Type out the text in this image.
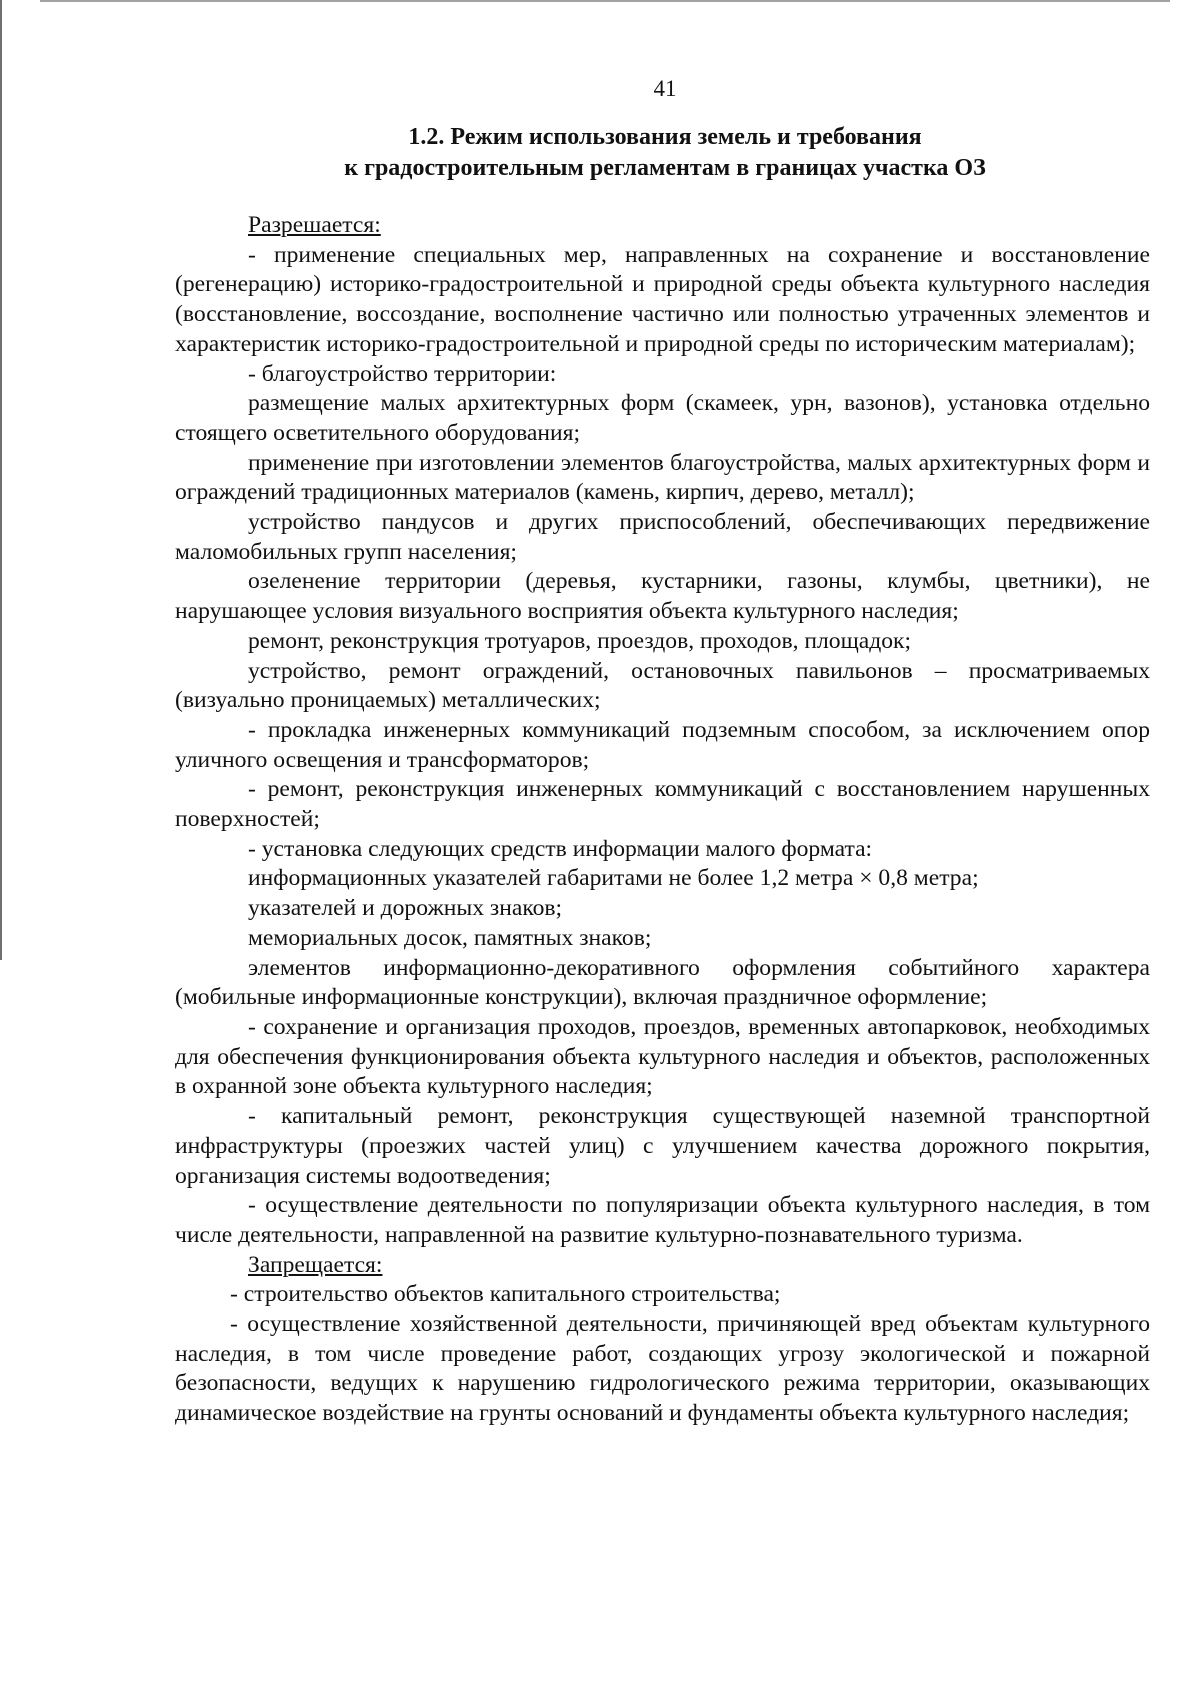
41
1.2. Режим использования земель и требования
к градостроительным регламентам в границах участка ОЗ

Разрешается:

- применение специальных мер, направленных на сохранение и восстановление (регенерацию) историко-градостроительной и природной среды объекта культурного наследия (восстановление, воссоздание, восполнение частично или полностью утраченных элементов и характеристик историко-градостроительной и природной среды по историческим материалам);

- благоустройство территории:

размещение малых архитектурных форм (скамеек, урн, вазонов), установка отдельно стоящего осветительного оборудования;

применение при изготовлении элементов благоустройства, малых архитектурных форм и ограждений традиционных материалов (камень, кирпич, дерево, металл);

устройство пандусов и других приспособлений, обеспечивающих передвижение маломобильных групп населения;

озеленение территории (деревья, кустарники, газоны, клумбы, цветники), не нарушающее условия визуального восприятия объекта культурного наследия;

ремонт, реконструкция тротуаров, проездов, проходов, площадок;

устройство, ремонт ограждений, остановочных павильонов – просматриваемых (визуально проницаемых) металлических;

- прокладка инженерных коммуникаций подземным способом, за исключением опор уличного освещения и трансформаторов;

- ремонт, реконструкция инженерных коммуникаций с восстановлением нарушенных поверхностей;

- установка следующих средств информации малого формата:

информационных указателей габаритами не более 1,2 метра × 0,8 метра;

указателей и дорожных знаков;

мемориальных досок, памятных знаков;

элементов информационно-декоративного оформления событийного характера (мобильные информационные конструкции), включая праздничное оформление;

- сохранение и организация проходов, проездов, временных автопарковок, необходимых для обеспечения функционирования объекта культурного наследия и объектов, расположенных в охранной зоне объекта культурного наследия;

- капитальный ремонт, реконструкция существующей наземной транспортной инфраструктуры (проезжих частей улиц) с улучшением качества дорожного покрытия, организация системы водоотведения;

- осуществление деятельности по популяризации объекта культурного наследия, в том числе деятельности, направленной на развитие культурно-познавательного туризма.

Запрещается:

- строительство объектов капитального строительства;

- осуществление хозяйственной деятельности, причиняющей вред объектам культурного наследия, в том числе проведение работ, создающих угрозу экологической и пожарной безопасности, ведущих к нарушению гидрологического режима территории, оказывающих динамическое воздействие на грунты оснований и фундаменты объекта культурного наследия;
